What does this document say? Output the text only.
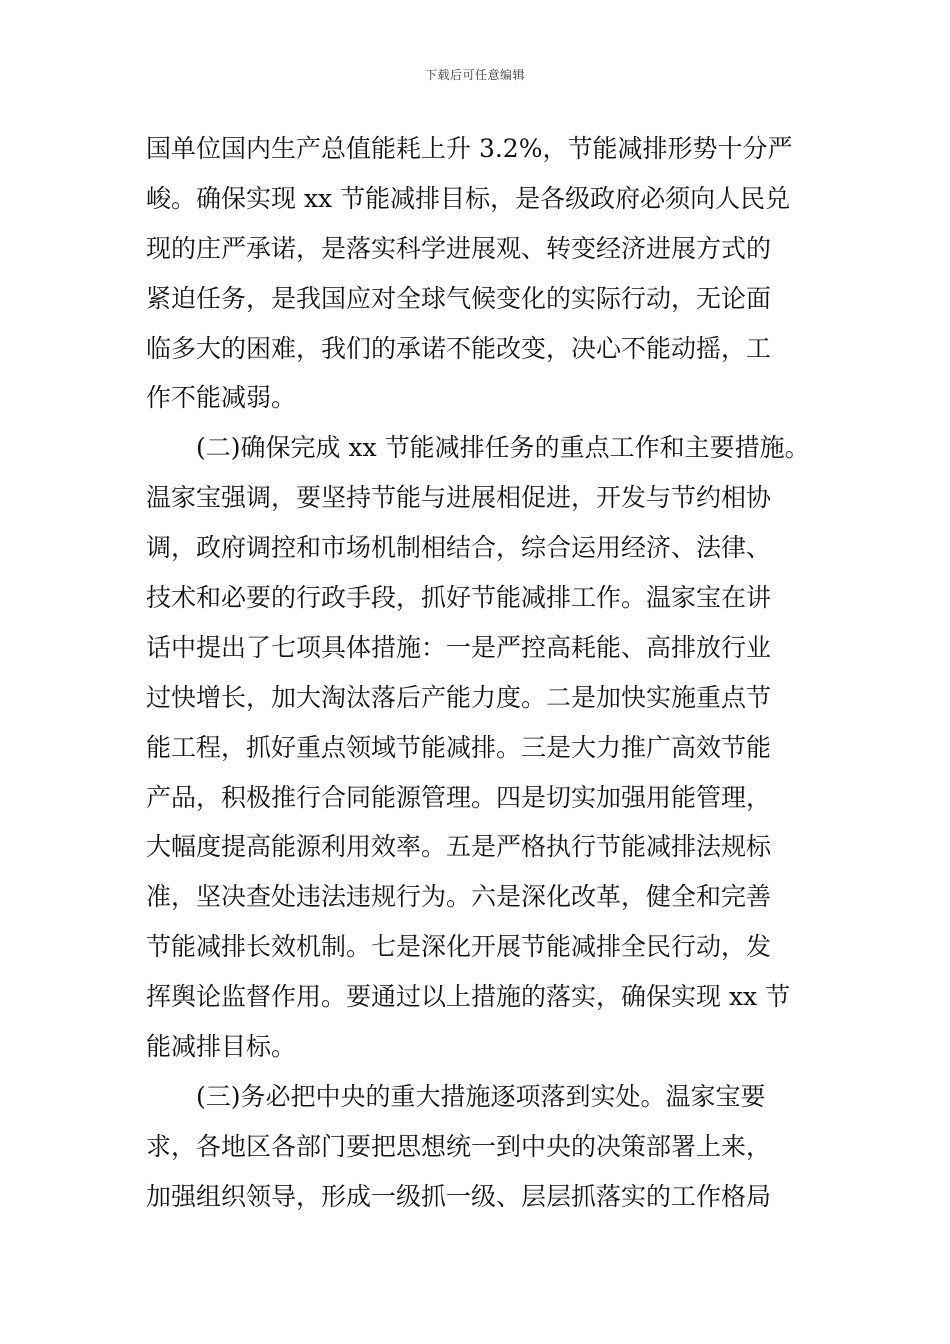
下载后可任意编辑
国单位国内生产总值能耗上升 3.2%，节能减排形势十分严
峻。确保实现 xx 节能减排目标，是各级政府必须向人民兑
现的庄严承诺，是落实科学进展观、转变经济进展方式的
紧迫任务，是我国应对全球气候变化的实际行动，无论面
临多大的困难，我们的承诺不能改变，决心不能动摇，工
作不能减弱。
　　(二)确保完成 xx 节能减排任务的重点工作和主要措施。
温家宝强调，要坚持节能与进展相促进，开发与节约相协
调，政府调控和市场机制相结合，综合运用经济、法律、
技术和必要的行政手段，抓好节能减排工作。温家宝在讲
话中提出了七项具体措施：一是严控高耗能、高排放行业
过快增长，加大淘汰落后产能力度。二是加快实施重点节
能工程，抓好重点领域节能减排。三是大力推广高效节能
产品，积极推行合同能源管理。四是切实加强用能管理，
大幅度提高能源利用效率。五是严格执行节能减排法规标
准，坚决查处违法违规行为。六是深化改革，健全和完善
节能减排长效机制。七是深化开展节能减排全民行动，发
挥舆论监督作用。要通过以上措施的落实，确保实现 xx 节
能减排目标。
　　(三)务必把中央的重大措施逐项落到实处。温家宝要
求，各地区各部门要把思想统一到中央的决策部署上来，
加强组织领导，形成一级抓一级、层层抓落实的工作格局
